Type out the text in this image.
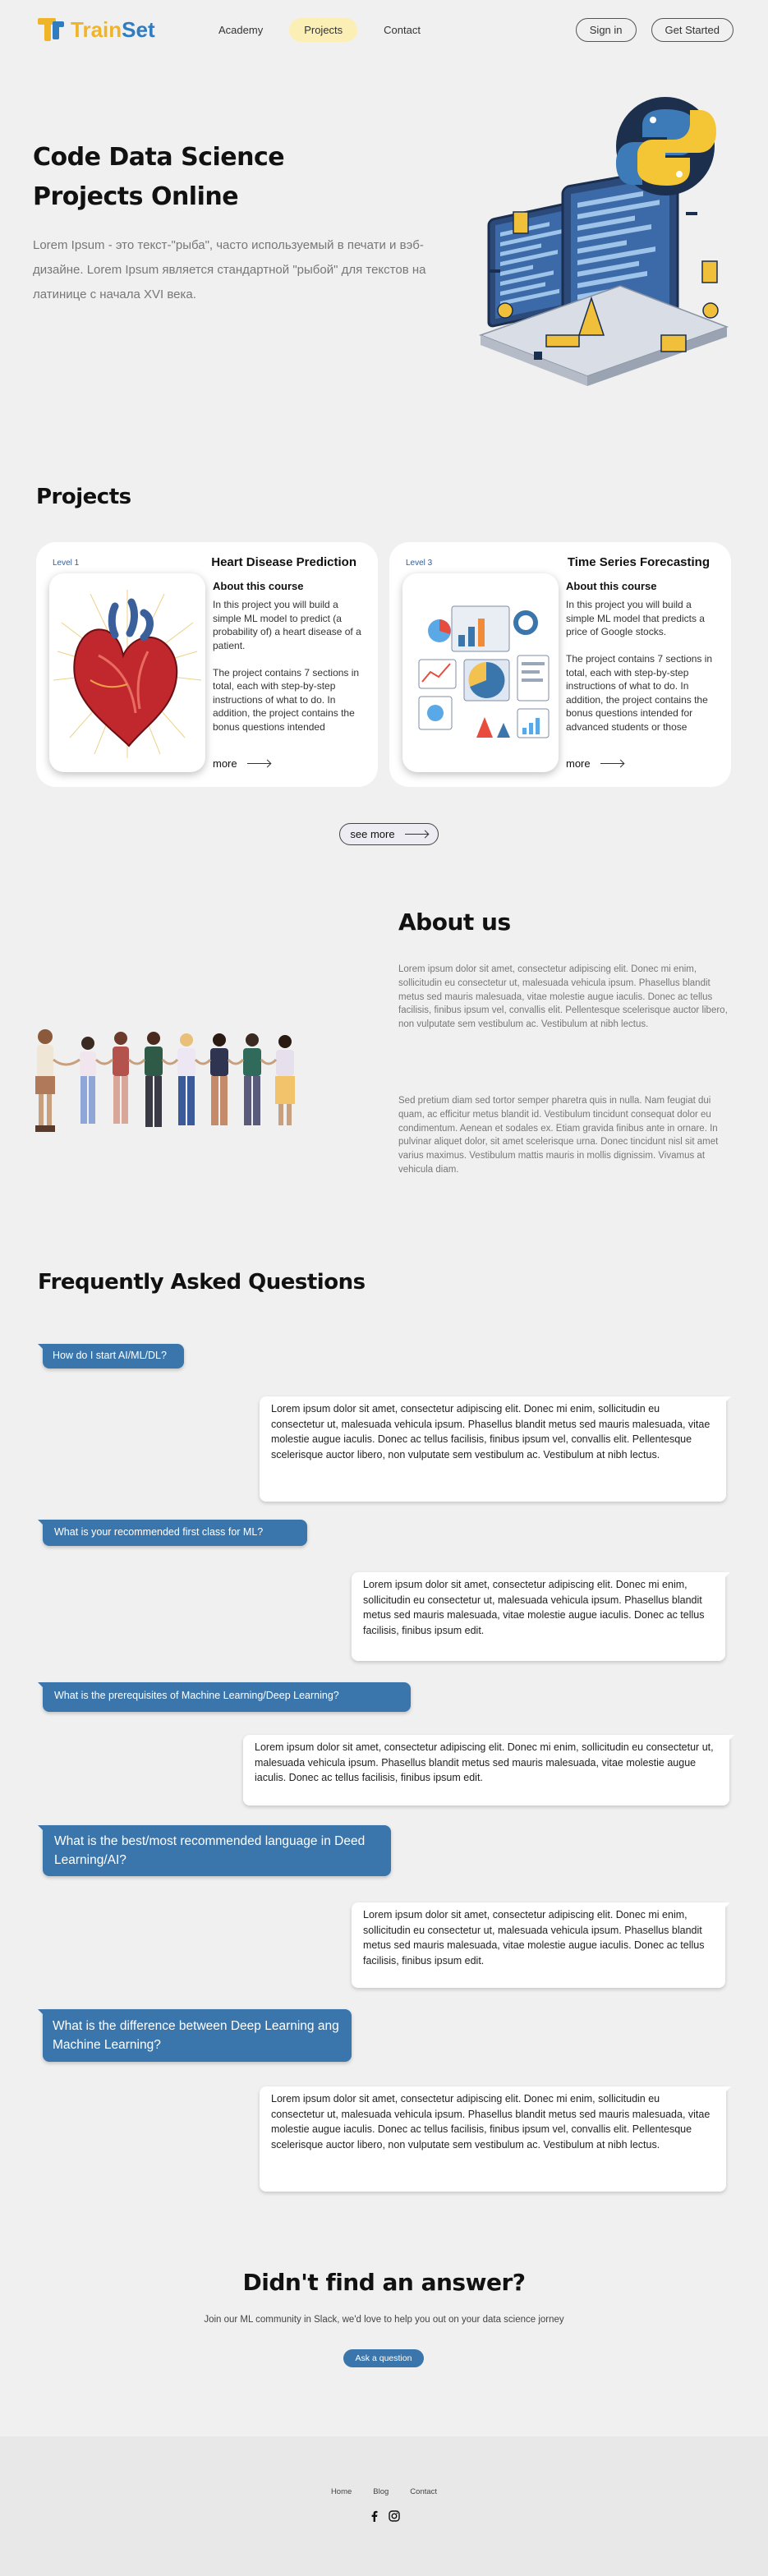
TrainSet	Academy	Projects	Contact	Sign in	Get Started
Code Data Science
Projects Online
Lorem Ipsum - это текст-"рыба", часто используемый в печати и вэб-дизайне. Lorem Ipsum является стандартной "рыбой" для текстов на латинице с начала XVI века.
Projects
Level 1	Heart Disease Prediction
About this course
In this project you will build a simple ML model to predict (a probability of) a heart disease of a patient.

The project contains 7 sections in total, each with step-by-step instructions of what to do. In addition, the project contains the bonus questions intended
more
Level 3	Time Series Forecasting
About this course
In this project you will build a simple ML model that predicts a price of Google stocks.

The project contains 7 sections in total, each with step-by-step instructions of what to do. In addition, the project contains the bonus questions intended for advanced students or those
more
see more
About us
Lorem ipsum dolor sit amet, consectetur adipiscing elit. Donec mi enim, sollicitudin eu consectetur ut, malesuada vehicula ipsum. Phasellus blandit metus sed mauris malesuada, vitae molestie augue iaculis. Donec ac tellus facilisis, finibus ipsum vel, convallis elit. Pellentesque scelerisque auctor libero, non vulputate sem vestibulum ac. Vestibulum at nibh lectus.
Sed pretium diam sed tortor semper pharetra quis in nulla. Nam feugiat dui quam, ac efficitur metus blandit id. Vestibulum tincidunt consequat dolor eu condimentum. Aenean et sodales ex. Etiam gravida finibus ante in ornare. In pulvinar aliquet dolor, sit amet scelerisque urna. Donec tincidunt nisl sit amet varius maximus. Vestibulum mattis mauris in mollis dignissim. Vivamus at vehicula diam.
Frequently Asked Questions
How do I start AI/ML/DL?
Lorem ipsum dolor sit amet, consectetur adipiscing elit. Donec mi enim, sollicitudin eu consectetur ut, malesuada vehicula ipsum. Phasellus blandit metus sed mauris malesuada, vitae molestie augue iaculis. Donec ac tellus facilisis, finibus ipsum vel, convallis elit. Pellentesque scelerisque auctor libero, non vulputate sem vestibulum ac. Vestibulum at nibh lectus.
What is your recommended first class for ML?
Lorem ipsum dolor sit amet, consectetur adipiscing elit. Donec mi enim, sollicitudin eu consectetur ut, malesuada vehicula ipsum. Phasellus blandit metus sed mauris malesuada, vitae molestie augue iaculis. Donec ac tellus facilisis, finibus ipsum edit.
What is the prerequisites of Machine Learning/Deep Learning?
Lorem ipsum dolor sit amet, consectetur adipiscing elit. Donec mi enim, sollicitudin eu consectetur ut, malesuada vehicula ipsum. Phasellus blandit metus sed mauris malesuada, vitae molestie augue iaculis. Donec ac tellus facilisis, finibus ipsum edit.
What is the best/most recommended language in Deed Learning/AI?
Lorem ipsum dolor sit amet, consectetur adipiscing elit. Donec mi enim, sollicitudin eu consectetur ut, malesuada vehicula ipsum. Phasellus blandit metus sed mauris malesuada, vitae molestie augue iaculis. Donec ac tellus facilisis, finibus ipsum edit.
What is the difference between Deep Learning ang Machine Learning?
Lorem ipsum dolor sit amet, consectetur adipiscing elit. Donec mi enim, sollicitudin eu consectetur ut, malesuada vehicula ipsum. Phasellus blandit metus sed mauris malesuada, vitae molestie augue iaculis. Donec ac tellus facilisis, finibus ipsum vel, convallis elit. Pellentesque scelerisque auctor libero, non vulputate sem vestibulum ac. Vestibulum at nibh lectus.
Didn't find an answer?
Join our ML community in Slack, we'd love to help you out on your data science jorney
Ask a question
Home	Blog	Contact
